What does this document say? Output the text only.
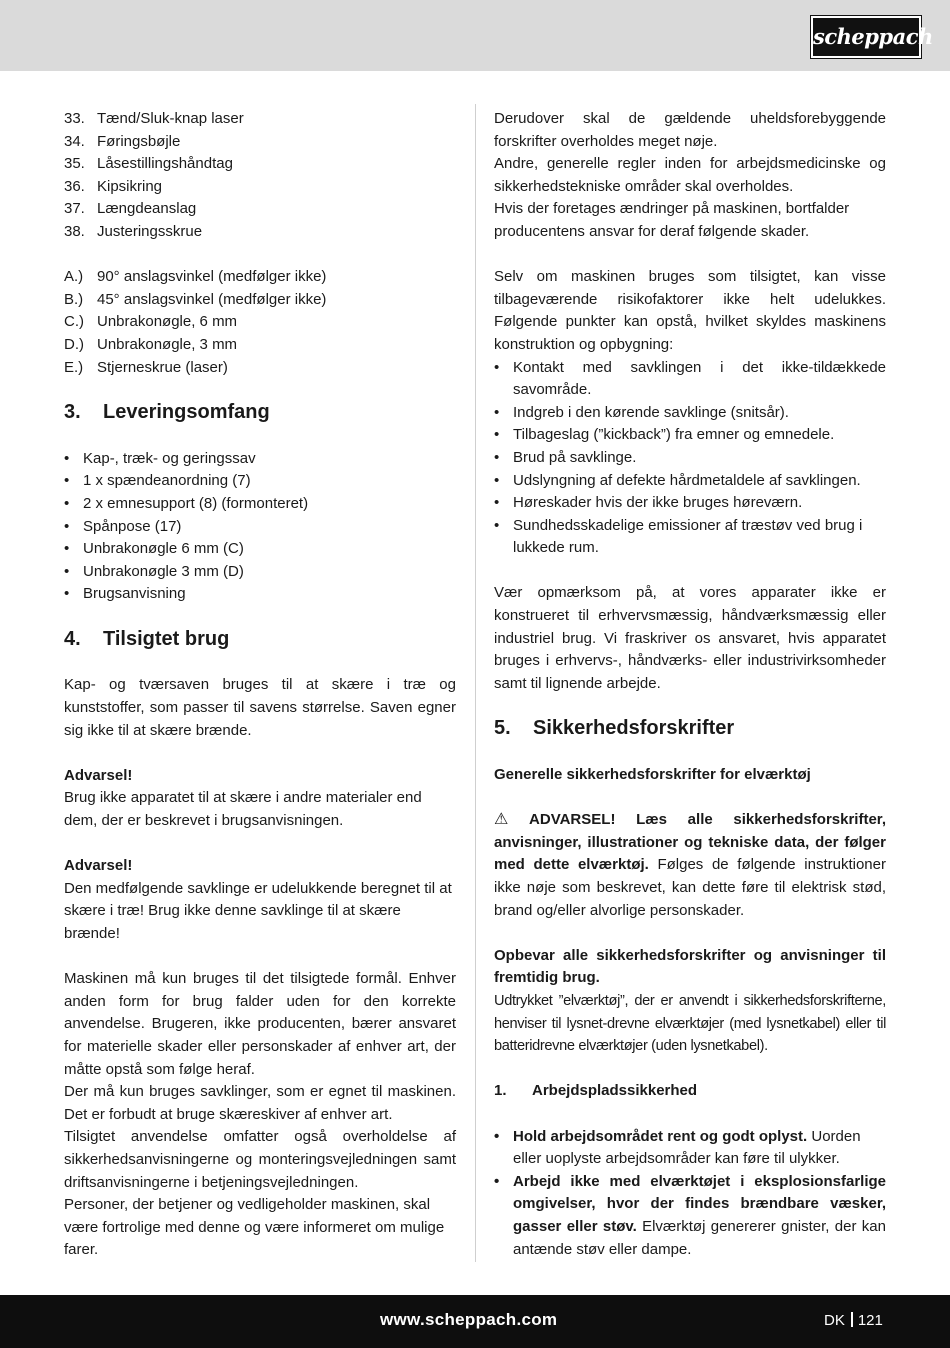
scheppach
33. Tænd/Sluk-knap laser
34. Føringsbøjle
35. Låsestillingshåndtag
36. Kipsikring
37. Længdeanslag
38. Justeringsskrue
A.) 90° anslagsvinkel (medfølger ikke)
B.) 45° anslagsvinkel (medfølger ikke)
C.) Unbrakonøgle, 6 mm
D.) Unbrakonøgle, 3 mm
E.) Stjerneskrue (laser)
3.	Leveringsomfang
• Kap-, træk- og geringssav
• 1 x spændeanordning (7)
• 2 x emnesupport (8) (formonteret)
• Spånpose (17)
• Unbrakonøgle 6 mm (C)
• Unbrakonøgle 3 mm (D)
• Brugsanvisning
4.	Tilsigtet brug

Kap- og tværsaven bruges til at skære i træ og kunststoffer, som passer til savens størrelse. Saven egner sig ikke til at skære brænde.

Advarsel!

Brug ikke apparatet til at skære i andre materialer end dem, der er beskrevet i brugsanvisningen.

Advarsel!

Den medfølgende savklinge er udelukkende beregnet til at skære i træ! Brug ikke denne savklinge til at skære brænde!

Maskinen må kun bruges til det tilsigtede formål. Enhver anden form for brug falder uden for den korrekte anvendelse. Brugeren, ikke producenten, bærer ansvaret for materielle skader eller personskader af enhver art, der måtte opstå som følge heraf.

Der må kun bruges savklinger, som er egnet til maskinen. Det er forbudt at bruge skæreskiver af enhver art.

Tilsigtet anvendelse omfatter også overholdelse af sikkerhedsanvisningerne og monteringsvejledningen samt driftsanvisningerne i betjeningsvejledningen.

Personer, der betjener og vedligeholder maskinen, skal være fortrolige med denne og være informeret om mulige farer.

Derudover skal de gældende uheldsforebyggende forskrifter overholdes meget nøje.

Andre, generelle regler inden for arbejdsmedicinske og sikkerhedstekniske områder skal overholdes.

Hvis der foretages ændringer på maskinen, bortfalder producentens ansvar for deraf følgende skader.

Selv om maskinen bruges som tilsigtet, kan visse tilbageværende risikofaktorer ikke helt udelukkes. Følgende punkter kan opstå, hvilket skyldes maskinens konstruktion og opbygning:

• Kontakt med savklingen i det ikke-tildækkede savområde.
• Indgreb i den kørende savklinge (snitsår).
• Tilbageslag (”kickback”) fra emner og emnedele.
• Brud på savklinge.
• Udslyngning af defekte hårdmetaldele af savklingen.
• Høreskader hvis der ikke bruges høreværn.
• Sundhedsskadelige emissioner af træstøv ved brug i lukkede rum.

Vær opmærksom på, at vores apparater ikke er konstrueret til erhvervsmæssig, håndværksmæssig eller industriel brug. Vi fraskriver os ansvaret, hvis apparatet bruges i erhvervs-, håndværks- eller industrivirksomheder samt til lignende arbejde.

5.	Sikkerhedsforskrifter

Generelle sikkerhedsforskrifter for elværktøj

⚠ ADVARSEL! Læs alle sikkerhedsforskrifter, anvisninger, illustrationer og tekniske data, der følger med dette elværktøj. Følges de følgende instruktioner ikke nøje som beskrevet, kan dette føre til elektrisk stød, brand og/eller alvorlige personskader.

Opbevar alle sikkerhedsforskrifter og anvisninger til fremtidig brug.

Udtrykket ”elværktøj”, der er anvendt i sikkerhedsforskrifterne, henviser til lysnet-drevne elværktøjer (med lysnetkabel) eller til batteridrevne elværktøjer (uden lysnetkabel).

1.	Arbejdspladssikkerhed

• Hold arbejdsområdet rent og godt oplyst. Uorden eller uoplyste arbejdsområder kan føre til ulykker.
• Arbejd ikke med elværktøjet i eksplosionsfarlige omgivelser, hvor der findes brændbare væsker, gasser eller støv. Elværktøj genererer gnister, der kan antænde støv eller dampe.
www.scheppach.com	DK 121
